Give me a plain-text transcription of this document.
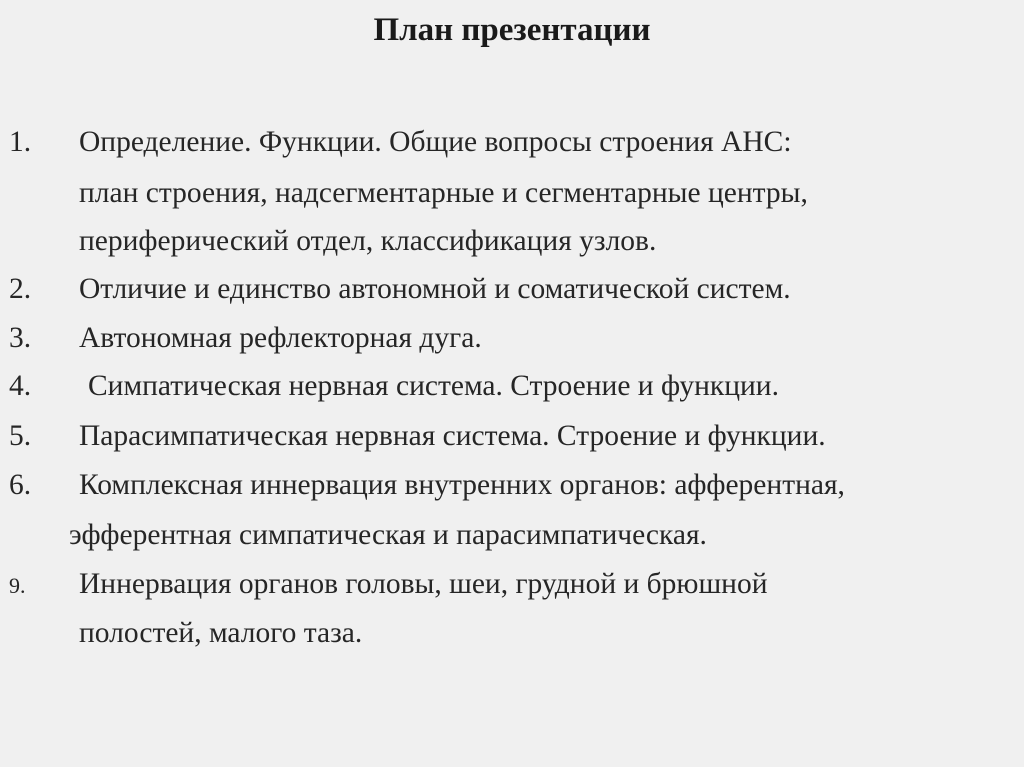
План презентации
1. Определение. Функции. Общие вопросы строения АНС:
план строения, надсегментарные и сегментарные центры,
периферический отдел, классификация узлов.
2. Отличие и единство автономной и соматической систем.
3. Автономная рефлекторная дуга.
4. Симпатическая нервная система. Строение и функции.
5. Парасимпатическая нервная система. Строение и функции.
6. Комплексная иннервация внутренних органов: афферентная,
эфферентная симпатическая и парасимпатическая.
9. Иннервация органов головы, шеи, грудной и брюшной
полостей, малого таза.
